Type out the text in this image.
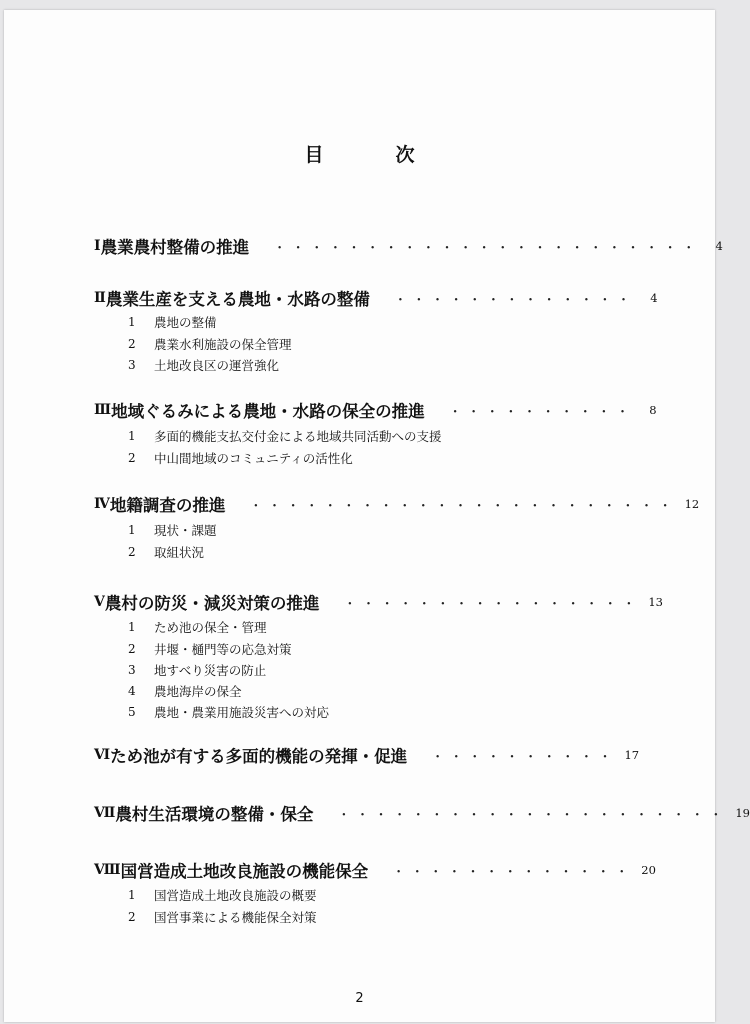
目	次
Ⅰ 農業農村整備の推進 ・・・・・・・・・・・・・・・・・・・・・・・	4
Ⅱ 農業生産を支える農地・水路の整備 ・・・・・・・・・・・・・	4
1	農地の整備
2	農業水利施設の保全管理
3	土地改良区の運営強化
Ⅲ 地域ぐるみによる農地・水路の保全の推進 ・・・・・・・・・・	8
1	多面的機能支払交付金による地域共同活動への支援
2	中山間地域のコミュニティの活性化
Ⅳ 地籍調査の推進 ・・・・・・・・・・・・・・・・・・・・・・・ 12
1	現状・課題
2	取組状況
Ⅴ 農村の防災・減災対策の推進 ・・・・・・・・・・・・・・・・ 13
1	ため池の保全・管理
2	井堰・樋門等の応急対策
3	地すべり災害の防止
4	農地海岸の保全
5	農地・農業用施設災害への対応
Ⅵ ため池が有する多面的機能の発揮・促進 ・・・・・・・・・・ 17
Ⅶ 農村生活環境の整備・保全 ・・・・・・・・・・・・・・・・・・・・・ 19
Ⅷ 国営造成土地改良施設の機能保全 ・・・・・・・・・・・・・ 20
1	国営造成土地改良施設の概要
2	国営事業による機能保全対策
2
